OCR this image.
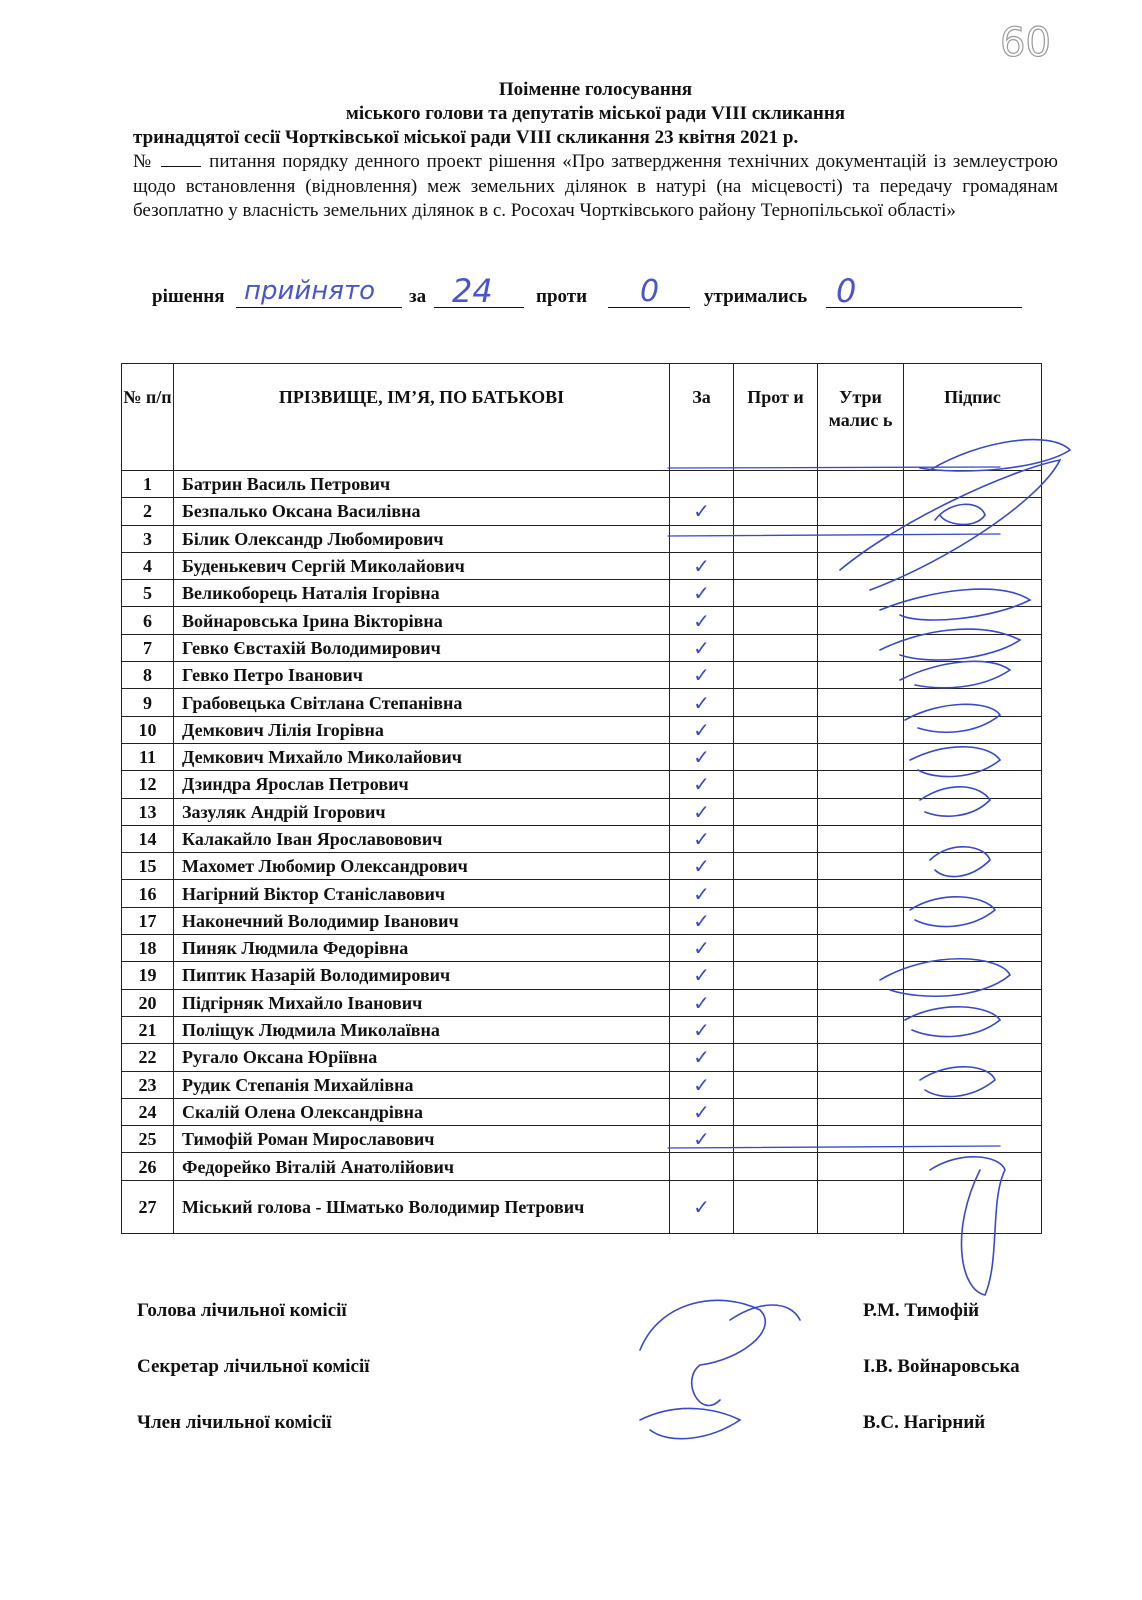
60

Поіменне голосування

міського голови та депутатів міської ради VIII скликання

тринадцятої сесії Чортківської міської ради VIII скликання 23 квітня 2021 р.

№	питання порядку денного проект рішення «Про затвердження технічних документацій із землеустрою щодо встановлення (відновлення) меж земельних ділянок в натурі (на місцевості) та передачу громадянам безоплатно у власність земельних ділянок в с. Росохач Чортківського району Тернопільської області»

рішення прийнято за 24 проти 0 утримались 0
№ п/п	ПРІЗВИЩЕ, ІМ’Я, ПО БАТЬКОВІ	За	Прот и	Утри малис ь	Підпис
1	Батрин Василь Петрович				
2	Безпалько Оксана Василівна	✓			
3	Білик Олександр Любомирович				
4	Буденькевич Сергій Миколайович	✓			
5	Великоборець Наталія Ігорівна	✓			
6	Войнаровська Ірина Вікторівна	✓			
7	Гевко Євстахій Володимирович	✓			
8	Гевко Петро Іванович	✓			
9	Грабовецька Світлана Степанівна	✓			
10	Демкович Лілія Ігорівна	✓			
11	Демкович Михайло Миколайович	✓			
12	Дзиндра Ярослав Петрович	✓			
13	Зазуляк Андрій Ігорович	✓			
14	Калакайло Іван Ярославовович	✓			
15	Махомет Любомир Олександрович	✓			
16	Нагірний Віктор Станіславович	✓			
17	Наконечний Володимир Іванович	✓			
18	Пиняк Людмила Федорівна	✓			
19	Пиптик Назарій Володимирович	✓			
20	Підгірняк Михайло Іванович	✓			
21	Поліщук Людмила Миколаївна	✓			
22	Ругало Оксана Юріївна	✓			
23	Рудик Степанія Михайлівна	✓			
24	Скалій Олена Олександрівна	✓			
25	Тимофій Роман Мирославович	✓			
26	Федорейко Віталій Анатолійович				
27	Міський голова - Шматько Володимир Петрович	✓			
Голова лічильної комісії	Р.М. Тимофій
Секретар лічильної комісії	І.В. Войнаровська
Член лічильної комісії	В.С. Нагірний
